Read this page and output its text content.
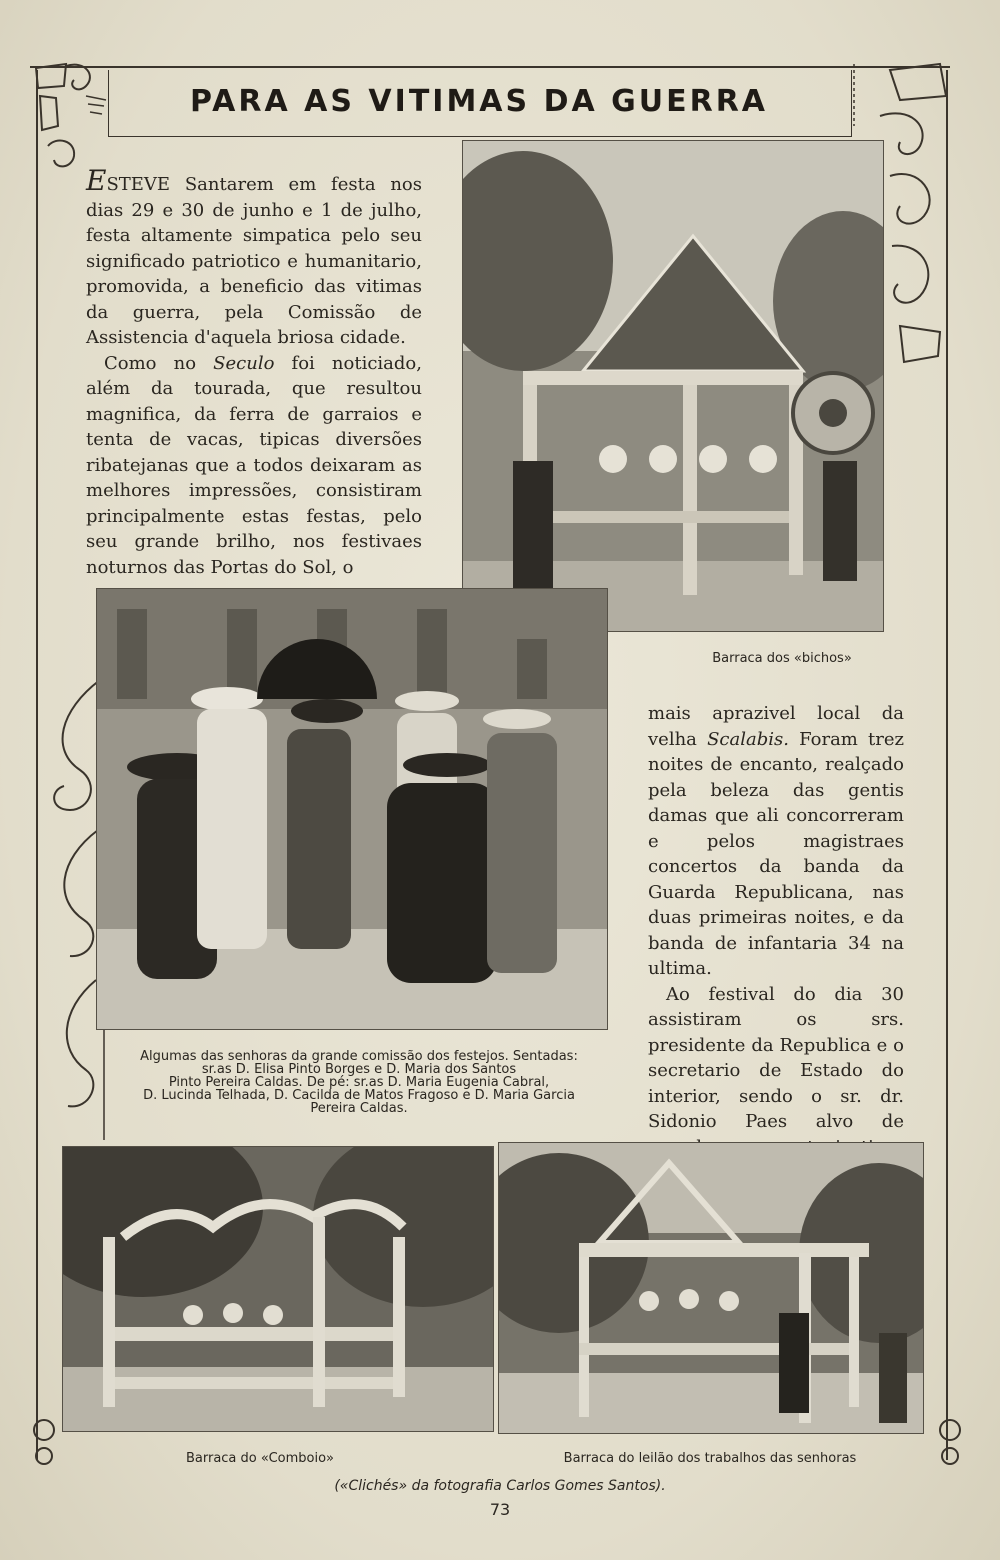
PARA AS VITIMAS DA GUERRA

ESTEVE Santarem em festa nos dias 29 e 30 de junho e 1 de julho, festa altamente simpatica pelo seu significado patriotico e humanitario, promovida, a beneficio das vitimas da guerra, pela Comissão de Assistencia d'aquela briosa cidade.

Como no Seculo foi noticiado, além da tourada, que resultou magnifica, da ferra de garraios e tenta de vacas, tipicas diversões ribatejanas que a todos deixaram as melhores impressões, consistiram principalmente estas festas, pelo seu grande brilho, nos festivaes noturnos das Portas do Sol, o

Barraca dos «bichos»
Algumas das senhoras da grande comissão dos festejos. Sentadas: sr.as D. Elisa Pinto Borges e D. Maria dos Santos
Pinto Pereira Caldas. De pé: sr.as D. Maria Eugenia Cabral,
D. Lucinda Telhada, D. Cacilda de Matos Fragoso e D. Maria Garcia Pereira Caldas.

mais aprazivel local da velha Scalabis. Foram trez noites de encanto, realçado pela beleza das gentis damas que ali concorreram e pelos magistraes concertos da banda da Guarda Republicana, nas duas primeiras noites, e da banda de infantaria 34 na ultima.

Ao festival do dia 30 assistiram os srs. presidente da Republica e o secretario de Estado do interior, sendo o sr. dr. Sidonio Paes alvo de

Barraca do «Comboio»	Barraca do leilão dos trabalhos das senhoras
(«Clichés» da fotografia Carlos Gomes Santos).
73
